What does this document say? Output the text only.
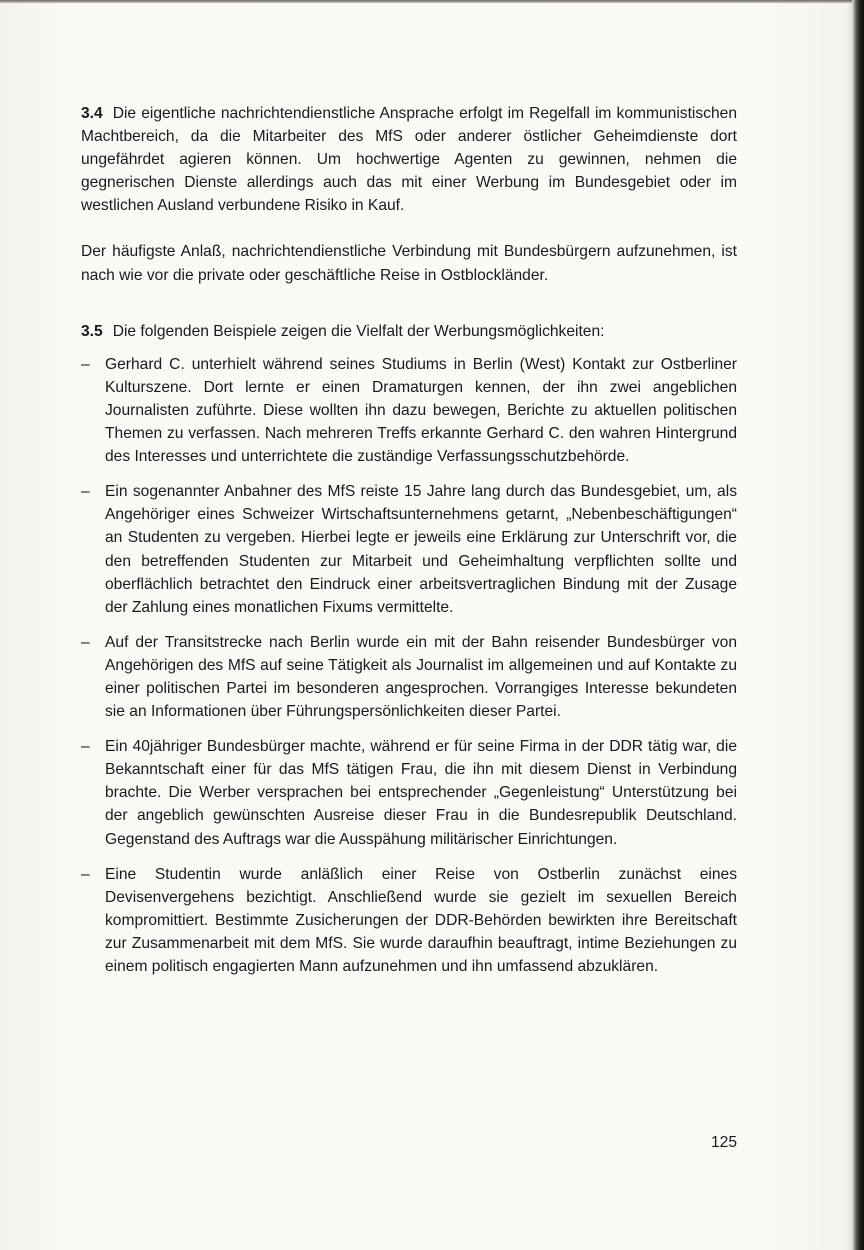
3.4 Die eigentliche nachrichtendienstliche Ansprache erfolgt im Regelfall im kommunistischen Machtbereich, da die Mitarbeiter des MfS oder anderer östlicher Geheimdienste dort ungefährdet agieren können. Um hochwertige Agenten zu gewinnen, nehmen die gegnerischen Dienste allerdings auch das mit einer Werbung im Bundesgebiet oder im westlichen Ausland verbundene Risiko in Kauf.

Der häufigste Anlaß, nachrichtendienstliche Verbindung mit Bundesbürgern aufzunehmen, ist nach wie vor die private oder geschäftliche Reise in Ostblockländer.

3.5 Die folgenden Beispiele zeigen die Vielfalt der Werbungsmöglichkeiten:

– Gerhard C. unterhielt während seines Studiums in Berlin (West) Kontakt zur Ostberliner Kulturszene. Dort lernte er einen Dramaturgen kennen, der ihn zwei angeblichen Journalisten zuführte. Diese wollten ihn dazu bewegen, Berichte zu aktuellen politischen Themen zu verfassen. Nach mehreren Treffs erkannte Gerhard C. den wahren Hintergrund des Interesses und unterrichtete die zuständige Verfassungsschutzbehörde.
– Ein sogenannter Anbahner des MfS reiste 15 Jahre lang durch das Bundesgebiet, um, als Angehöriger eines Schweizer Wirtschaftsunternehmens getarnt, „Nebenbeschäftigungen“ an Studenten zu vergeben. Hierbei legte er jeweils eine Erklärung zur Unterschrift vor, die den betreffenden Studenten zur Mitarbeit und Geheimhaltung verpflichten sollte und oberflächlich betrachtet den Eindruck einer arbeitsvertraglichen Bindung mit der Zusage der Zahlung eines monatlichen Fixums vermittelte.
– Auf der Transitstrecke nach Berlin wurde ein mit der Bahn reisender Bundesbürger von Angehörigen des MfS auf seine Tätigkeit als Journalist im allgemeinen und auf Kontakte zu einer politischen Partei im besonderen angesprochen. Vorrangiges Interesse bekundeten sie an Informationen über Führungspersönlichkeiten dieser Partei.
– Ein 40jähriger Bundesbürger machte, während er für seine Firma in der DDR tätig war, die Bekanntschaft einer für das MfS tätigen Frau, die ihn mit diesem Dienst in Verbindung brachte. Die Werber versprachen bei entsprechender „Gegenleistung“ Unterstützung bei der angeblich gewünschten Ausreise dieser Frau in die Bundesrepublik Deutschland. Gegenstand des Auftrags war die Ausspähung militärischer Einrichtungen.
– Eine Studentin wurde anläßlich einer Reise von Ostberlin zunächst eines Devisenvergehens bezichtigt. Anschließend wurde sie gezielt im sexuellen Bereich kompromittiert. Bestimmte Zusicherungen der DDR-Behörden bewirkten ihre Bereitschaft zur Zusammenarbeit mit dem MfS. Sie wurde daraufhin beauftragt, intime Beziehungen zu einem politisch engagierten Mann aufzunehmen und ihn umfassend abzuklären.
125
